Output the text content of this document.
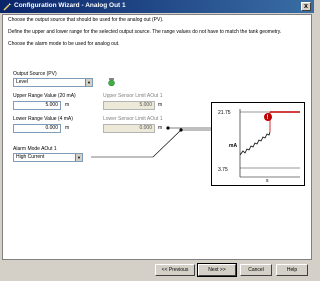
Configuration Wizard - Analog Out 1	x
Choose the output source that should be used for the analog out (PV).
Define the upper and lower range for the selected output source. The range values do not have to match the tank geometry.
Choose the alarm mode to be used for analog out.
Output Source (PV)
Level	▼
Upper Range Value (20 mA)
5.000	m
Upper Sensor Limit AOut 1
5.000	m
Lower Range Value (4 mA)
0.000	m
Lower Sensor Limit AOut 1
0.000	m
Alarm Mode AOut 1
High Current	▼
21.75
3.75
mA
s
!
<< Previous	Next >>	Cancel	Help
